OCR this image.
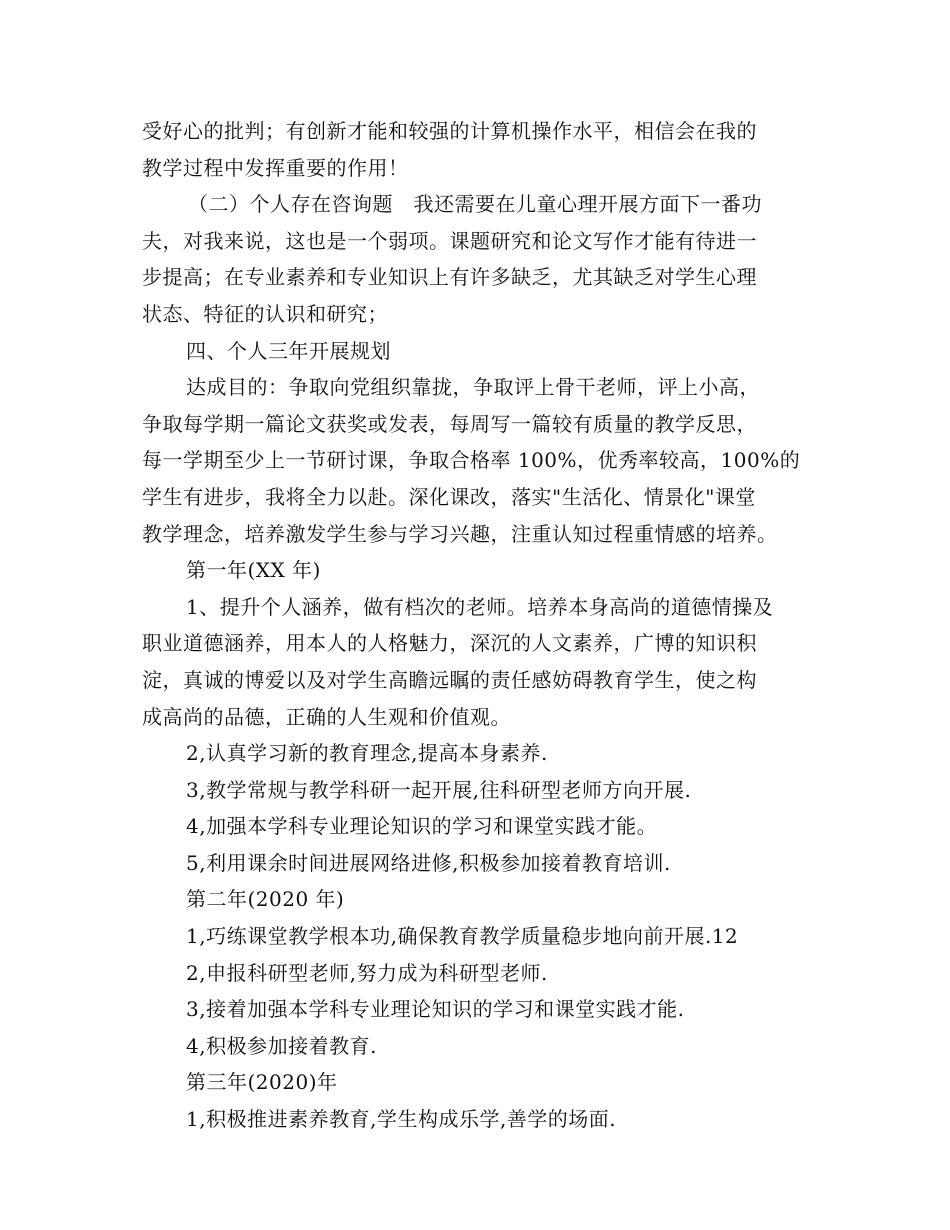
受好心的批判；有创新才能和较强的计算机操作水平，相信会在我的
教学过程中发挥重要的作用！
（二）个人存在咨询题　我还需要在儿童心理开展方面下一番功
夫，对我来说，这也是一个弱项。课题研究和论文写作才能有待进一
步提高；在专业素养和专业知识上有许多缺乏，尤其缺乏对学生心理
状态、特征的认识和研究；
四、个人三年开展规划
达成目的：争取向党组织靠拢，争取评上骨干老师，评上小高，
争取每学期一篇论文获奖或发表，每周写一篇较有质量的教学反思，
每一学期至少上一节研讨课，争取合格率 100%，优秀率较高，100%的
学生有进步，我将全力以赴。深化课改，落实"生活化、情景化"课堂
教学理念，培养激发学生参与学习兴趣，注重认知过程重情感的培养。
第一年(XX 年)
1、提升个人涵养，做有档次的老师。培养本身高尚的道德情操及
职业道德涵养，用本人的人格魅力，深沉的人文素养，广博的知识积
淀，真诚的博爱以及对学生高瞻远瞩的责任感妨碍教育学生，使之构
成高尚的品德，正确的人生观和价值观。
2,认真学习新的教育理念,提高本身素养.
3,教学常规与教学科研一起开展,往科研型老师方向开展.
4,加强本学科专业理论知识的学习和课堂实践才能。
5,利用课余时间进展网络进修,积极参加接着教育培训.
第二年(2020 年)
1,巧练课堂教学根本功,确保教育教学质量稳步地向前开展.12
2,申报科研型老师,努力成为科研型老师.
3,接着加强本学科专业理论知识的学习和课堂实践才能.
4,积极参加接着教育.
第三年(2020)年
1,积极推进素养教育,学生构成乐学,善学的场面.
